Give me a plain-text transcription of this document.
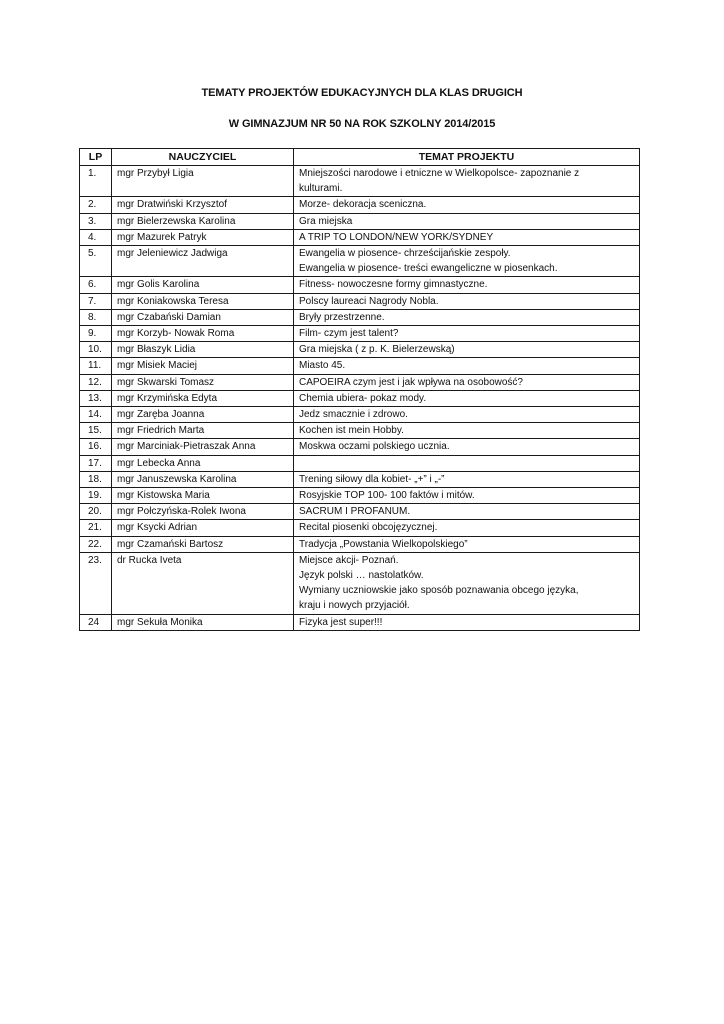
TEMATY PROJEKTÓW EDUKACYJNYCH DLA KLAS DRUGICH
W GIMNAZJUM NR 50 NA ROK SZKOLNY 2014/2015
LP	NAUCZYCIEL	TEMAT PROJEKTU
1.	mgr Przybył Ligia	Mniejszości narodowe i etniczne w Wielkopolsce- zapoznanie z
kulturami.

2.	mgr Dratwiński Krzysztof	Morze- dekoracja sceniczna.

3.	mgr Bielerzewska Karolina	Gra miejska

4.	mgr Mazurek Patryk	A TRIP TO LONDON/NEW YORK/SYDNEY

5.	mgr Jeleniewicz Jadwiga	Ewangelia w piosence- chrześcijańskie zespoły.
Ewangelia w piosence- treści ewangeliczne w piosenkach.

6.	mgr Golis Karolina	Fitness- nowoczesne formy gimnastyczne.

7.	mgr Koniakowska Teresa	Polscy laureaci Nagrody Nobla.

8.	mgr Czabański Damian	Bryły przestrzenne.

9.	mgr Korzyb- Nowak Roma	Film- czym jest talent?

10.	mgr Błaszyk Lidia	Gra miejska ( z p. K. Bielerzewską)

11.	mgr Misiek Maciej	Miasto 45.

12.	mgr Skwarski Tomasz	CAPOEIRA czym jest i jak wpływa na osobowość?

13.	mgr Krzymińska Edyta	Chemia ubiera- pokaz mody.

14.	mgr Zaręba Joanna	Jedz smacznie i zdrowo.

15.	mgr Friedrich Marta	Kochen ist mein Hobby.

16.	mgr Marciniak-Pietraszak Anna	Moskwa oczami polskiego ucznia.

17.	mgr Lebecka Anna	

18.	mgr Januszewska Karolina	Trening siłowy dla kobiet- „+” i „-”

19.	mgr Kistowska Maria	Rosyjskie TOP 100- 100 faktów i mitów.

20.	mgr Połczyńska-Rolek Iwona	SACRUM I PROFANUM.

21.	mgr Ksycki Adrian	Recital piosenki obcojęzycznej.

22.	mgr Czamański Bartosz	Tradycja „Powstania Wielkopolskiego”

23.	dr Rucka Iveta	Miejsce akcji- Poznań.
Język polski … nastolatków.
Wymiany uczniowskie jako sposób poznawania obcego języka,
kraju i nowych przyjaciół.

24	mgr Sekuła Monika	Fizyka jest super!!!
